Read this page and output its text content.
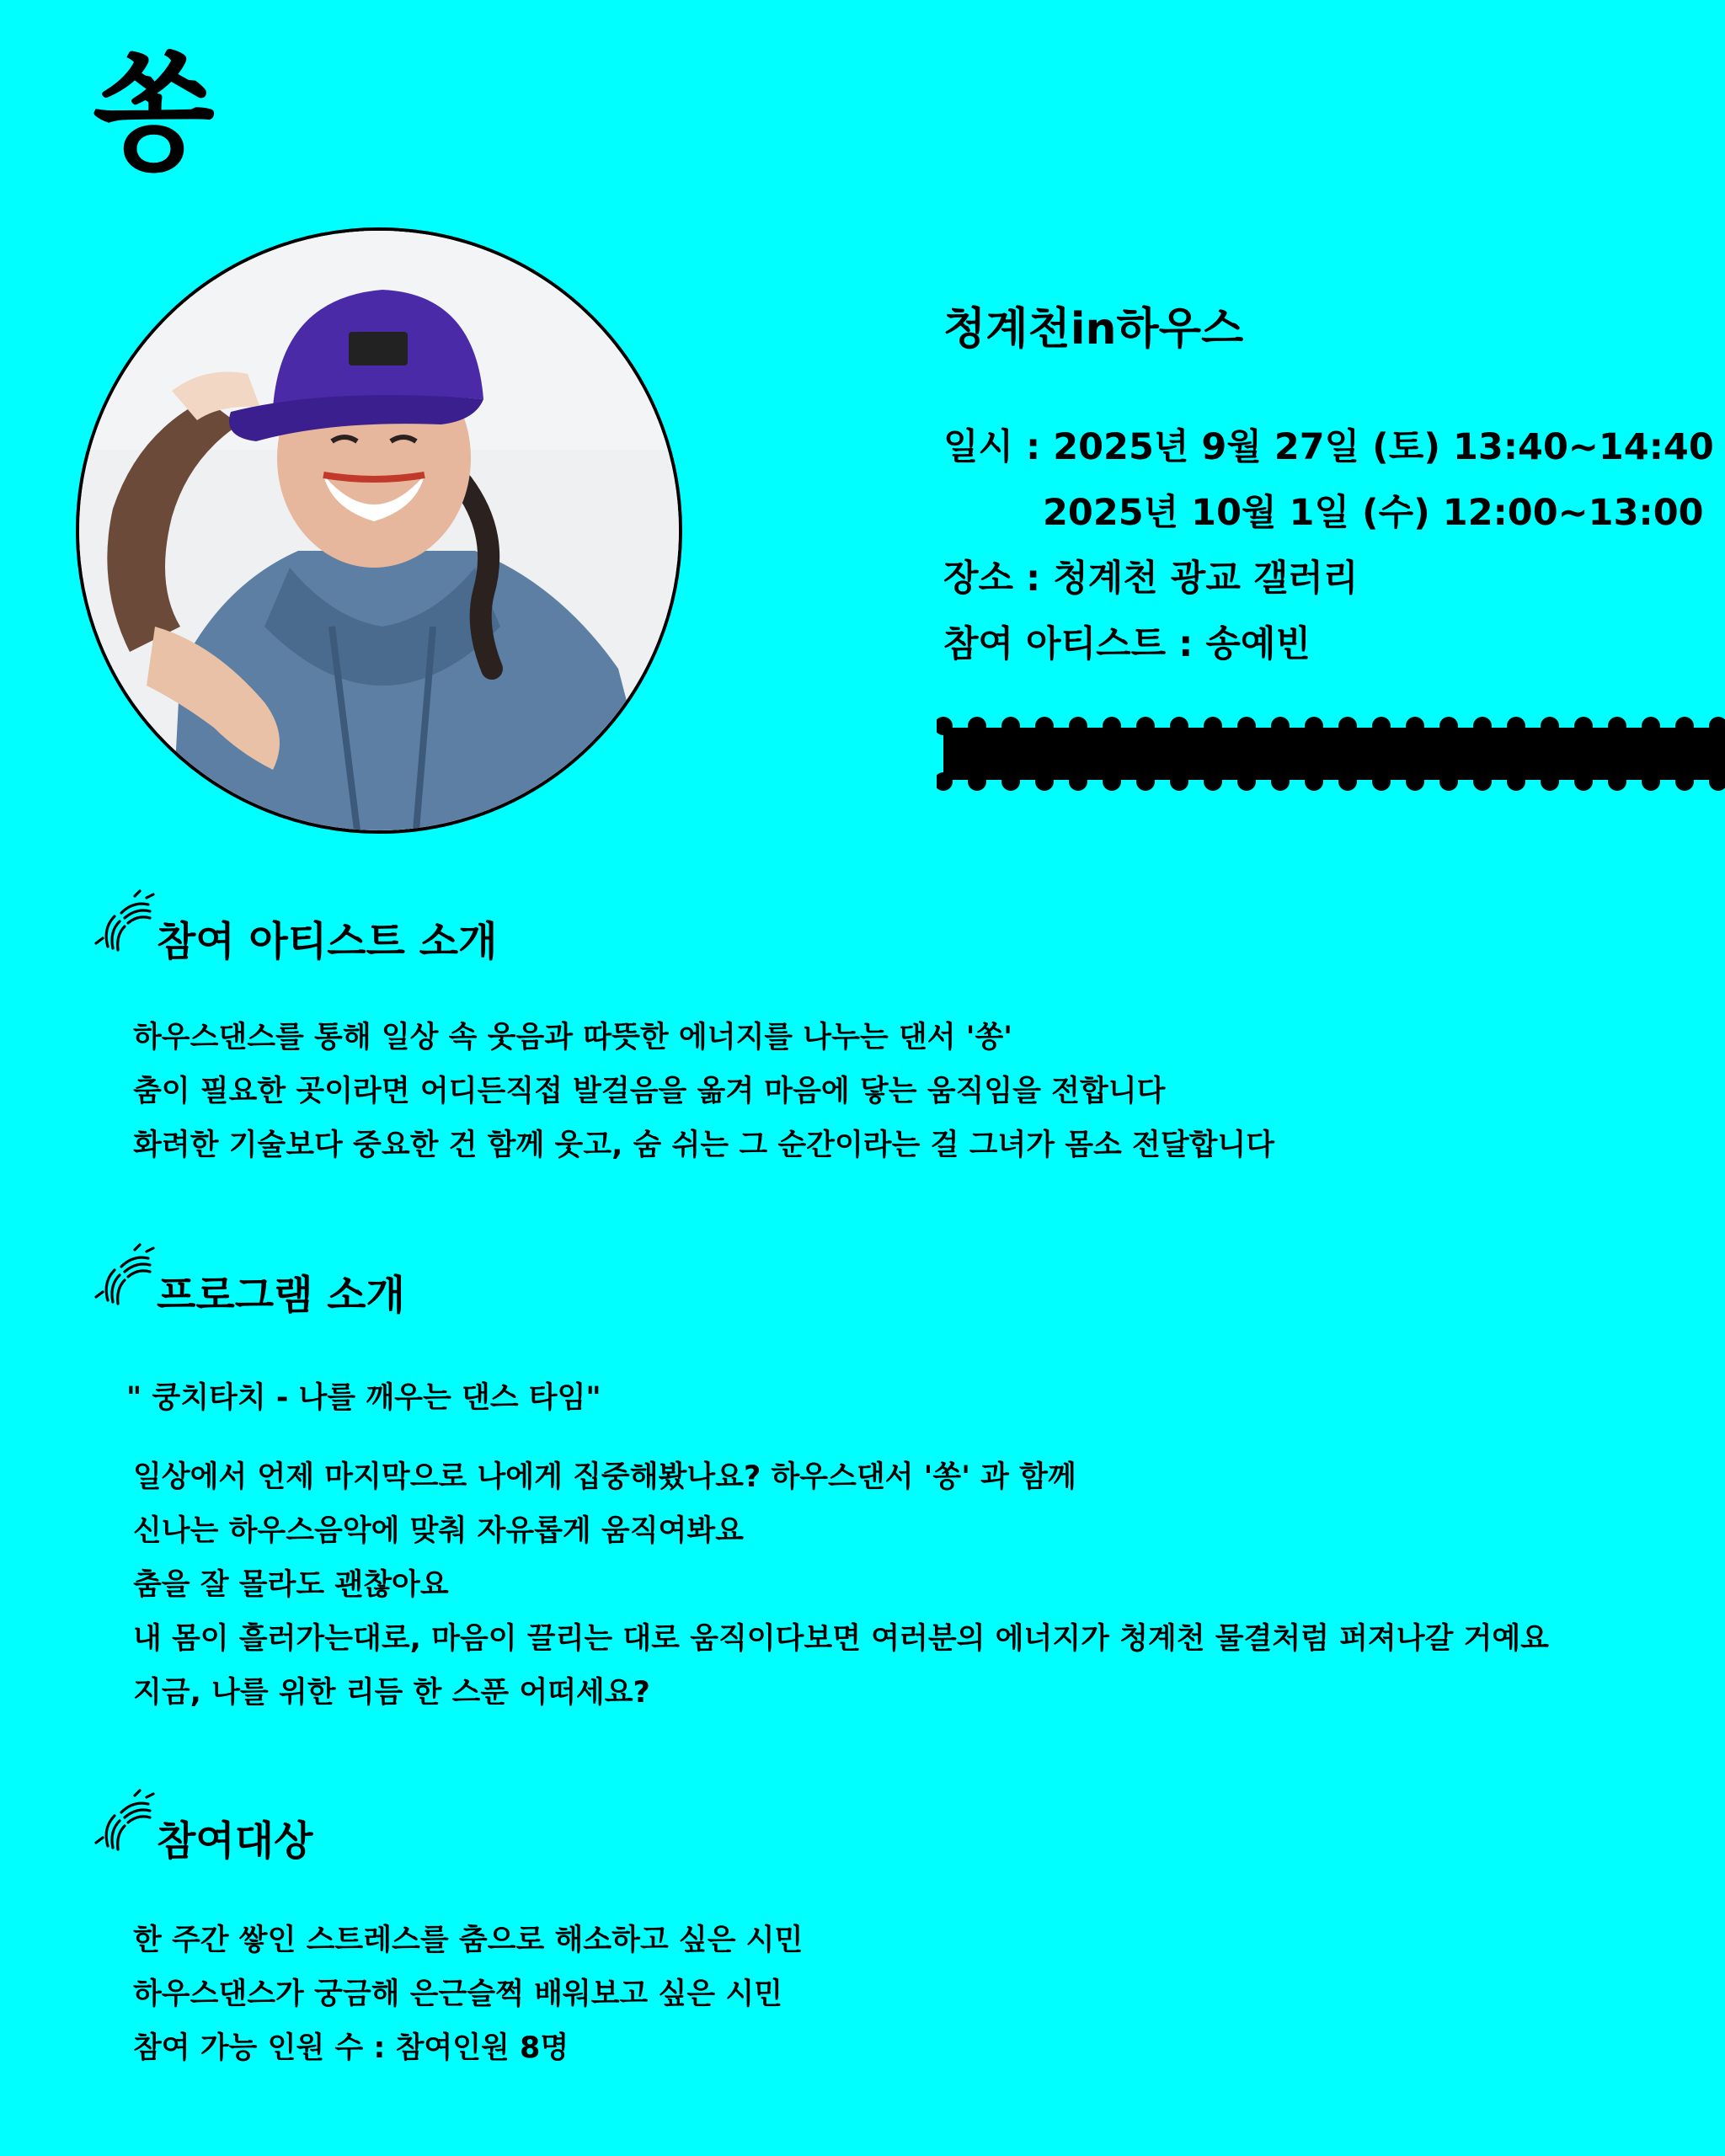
쏭
청계천in하우스
일시 : 2025년 9월 27일 (토) 13:40~14:40
2025년 10월 1일 (수) 12:00~13:00
장소 : 청계천 광교 갤러리
참여 아티스트 : 송예빈
참여 아티스트 소개
하우스댄스를 통해 일상 속 웃음과 따뜻한 에너지를 나누는 댄서 '쏭'
춤이 필요한 곳이라면 어디든직접 발걸음을 옮겨 마음에 닿는 움직임을 전합니다
화려한 기술보다 중요한 건 함께 웃고, 숨 쉬는 그 순간이라는 걸 그녀가 몸소 전달합니다
프로그램 소개
" 쿵치타치 - 나를 깨우는 댄스 타임"
일상에서 언제 마지막으로 나에게 집중해봤나요? 하우스댄서 '쏭' 과 함께
신나는 하우스음악에 맞춰 자유롭게 움직여봐요
춤을 잘 몰라도 괜찮아요
내 몸이 흘러가는대로, 마음이 끌리는 대로 움직이다보면 여러분의 에너지가 청계천 물결처럼 퍼져나갈 거예요
지금, 나를 위한 리듬 한 스푼 어떠세요?
참여대상
한 주간 쌓인 스트레스를 춤으로 해소하고 싶은 시민
하우스댄스가 궁금해 은근슬쩍 배워보고 싶은 시민
참여 가능 인원 수 : 참여인원 8명
